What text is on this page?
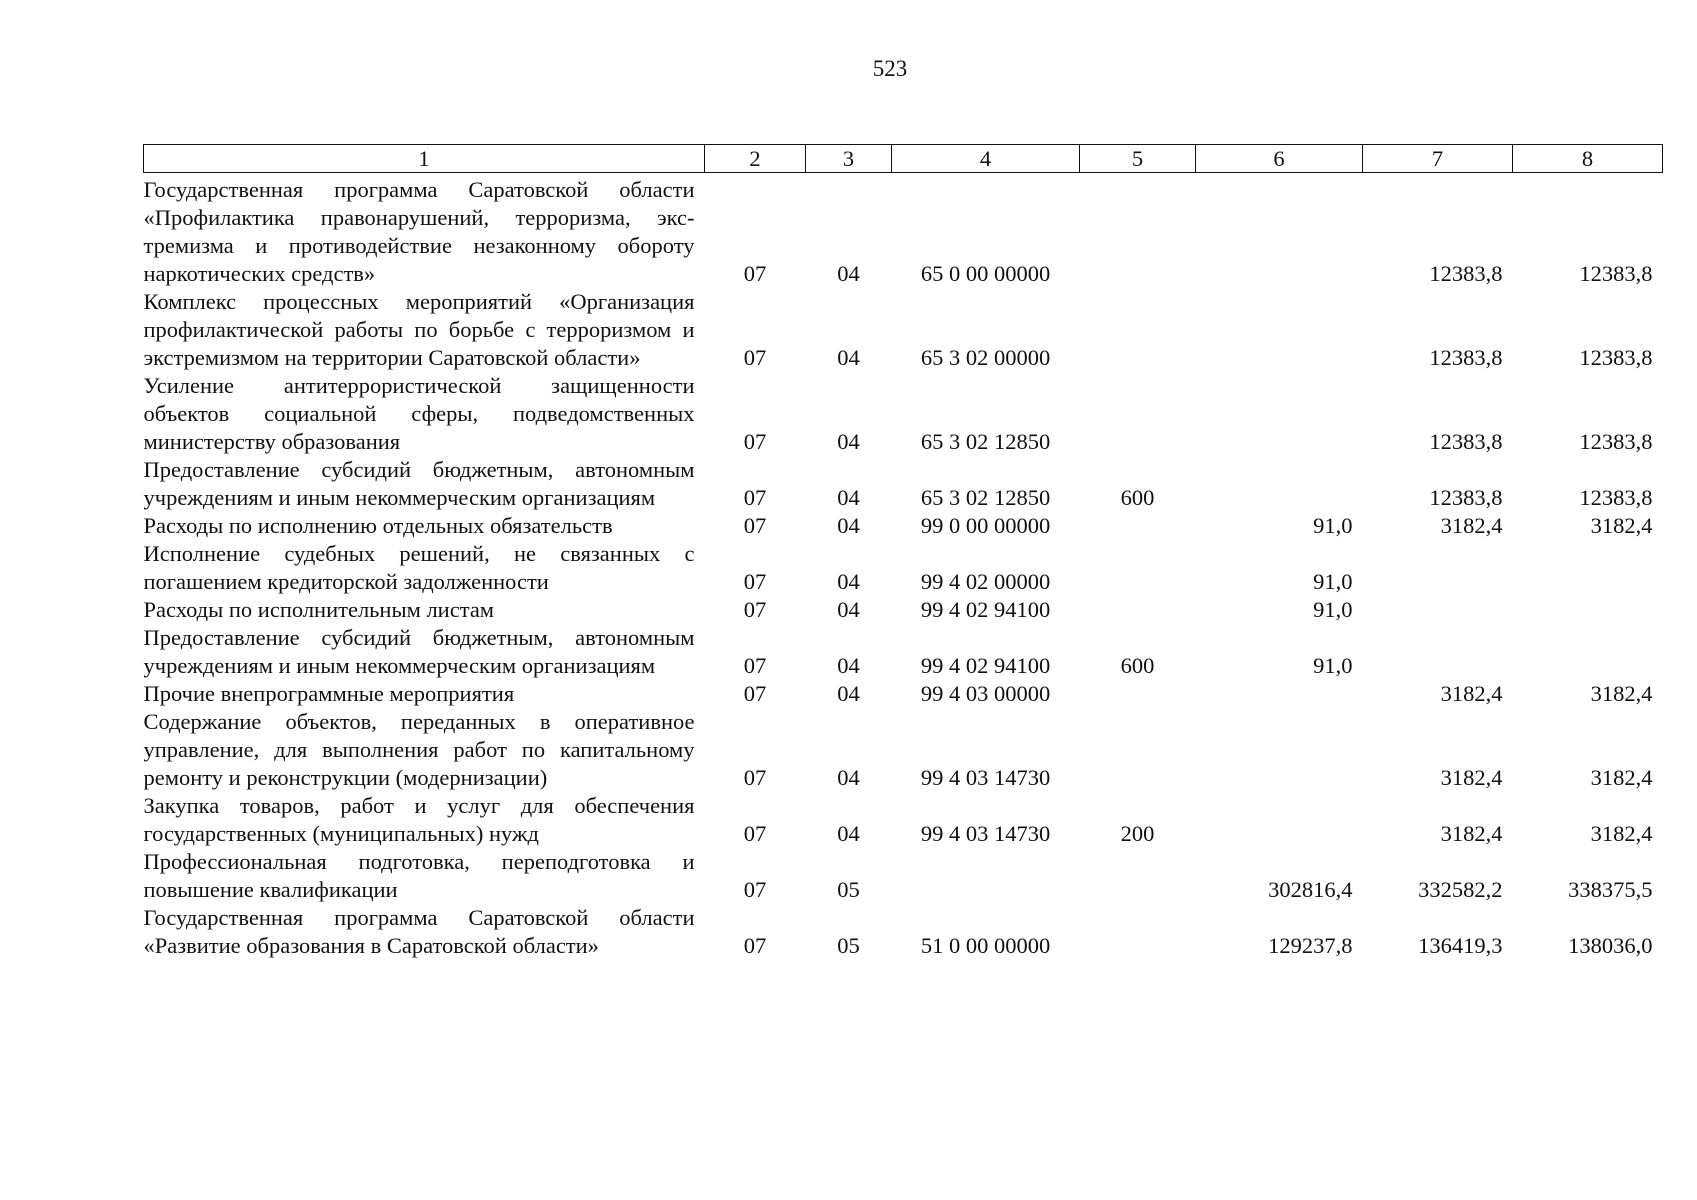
523
1	2	3	4	5	6	7	8
Государственная программа Саратовской области «Профилактика правонарушений, терроризма, экстремизма и противодействие незаконному обороту наркотических средств»	07	04	65 0 00 00000			12383,8	12383,8
Комплекс процессных мероприятий «Организация профилактической работы по борьбе с терроризмом и экстремизмом на территории Саратовской области»	07	04	65 3 02 00000			12383,8	12383,8
Усиление антитеррористической защищенности объектов социальной сферы, подведомственных министерству образования	07	04	65 3 02 12850			12383,8	12383,8
Предоставление субсидий бюджетным, автономным учреждениям и иным некоммерческим организациям	07	04	65 3 02 12850	600		12383,8	12383,8
Расходы по исполнению отдельных обязательств	07	04	99 0 00 00000		91,0	3182,4	3182,4
Исполнение судебных решений, не связанных с погашением кредиторской задолженности	07	04	99 4 02 00000		91,0		
Расходы по исполнительным листам	07	04	99 4 02 94100		91,0		
Предоставление субсидий бюджетным, автономным учреждениям и иным некоммерческим организациям	07	04	99 4 02 94100	600	91,0		
Прочие внепрограммные мероприятия	07	04	99 4 03 00000			3182,4	3182,4
Содержание объектов, переданных в оперативное управление, для выполнения работ по капитальному ремонту и реконструкции (модернизации)	07	04	99 4 03 14730			3182,4	3182,4
Закупка товаров, работ и услуг для обеспечения государственных (муниципальных) нужд	07	04	99 4 03 14730	200		3182,4	3182,4
Профессиональная подготовка, переподготовка и повышение квалификации	07	05			302816,4	332582,2	338375,5
Государственная программа Саратовской области «Развитие образования в Саратовской области»	07	05	51 0 00 00000		129237,8	136419,3	138036,0
